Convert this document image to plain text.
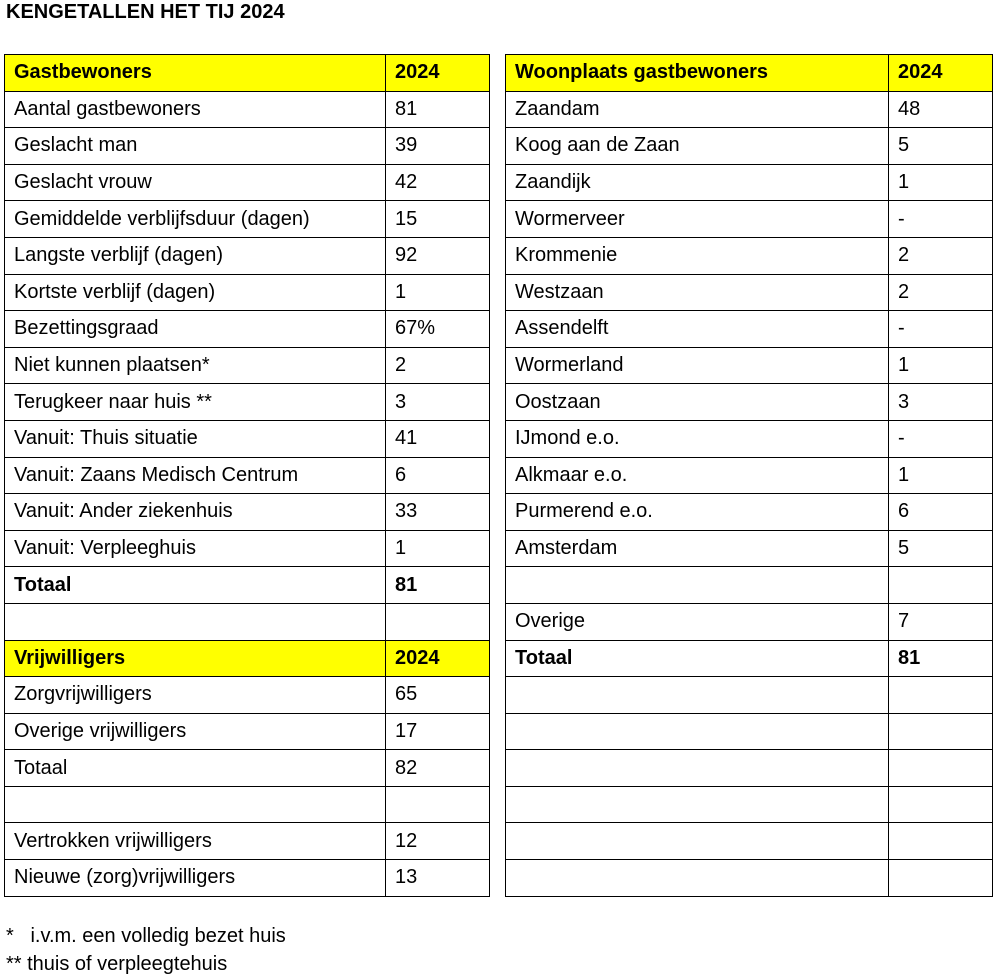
KENGETALLEN HET TIJ 2024
Gastbewoners	2024
Aantal gastbewoners	81
Geslacht man	39
Geslacht vrouw	42
Gemiddelde verblijfsduur (dagen)	15
Langste verblijf (dagen)	92
Kortste verblijf (dagen)	1
Bezettingsgraad	67%
Niet kunnen plaatsen*	2
Terugkeer naar huis **	3
Vanuit: Thuis situatie	41
Vanuit: Zaans Medisch Centrum	6
Vanuit: Ander ziekenhuis	33
Vanuit: Verpleeghuis	1
Totaal	81

Vrijwilligers	2024
Zorgvrijwilligers	65
Overige vrijwilligers	17
Totaal	82

Vertrokken vrijwilligers	12
Nieuwe (zorg)vrijwilligers	13
Woonplaats gastbewoners	2024
Zaandam	48
Koog aan de Zaan	5
Zaandijk	1
Wormerveer	-
Krommenie	2
Westzaan	2
Assendelft	-
Wormerland	1
Oostzaan	3
IJmond e.o.	-
Alkmaar e.o.	1
Purmerend e.o.	6
Amsterdam	5

Overige	7
Totaal	81

*   i.v.m. een volledig bezet huis
** thuis of verpleegtehuis
